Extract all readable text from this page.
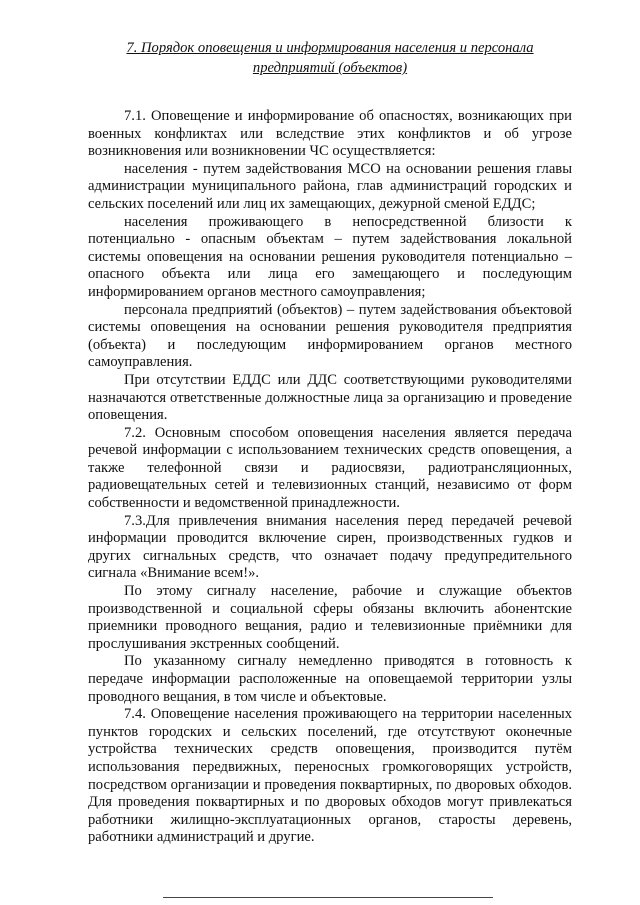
7. Порядок оповещения и информирования населения и персонала
предприятий (объектов)

7.1. Оповещение и информирование об опасностях, возникающих при военных конфликтах или вследствие этих конфликтов и об угрозе возникновения или возникновении ЧС осуществляется:

населения - путем задействования МСО на основании решения главы администрации муниципального района, глав администраций городских и сельских поселений или лиц их замещающих, дежурной сменой ЕДДС;

населения проживающего в непосредственной близости к потенциально - опасным объектам – путем задействования локальной системы оповещения на основании решения руководителя потенциально – опасного объекта или лица его замещающего и последующим информированием органов местного самоуправления;

персонала предприятий (объектов) – путем задействования объектовой системы оповещения на основании решения руководителя предприятия (объекта) и последующим информированием органов местного самоуправления.

При отсутствии ЕДДС или ДДС соответствующими руководителями назначаются ответственные должностные лица за организацию и проведение оповещения.

7.2. Основным способом оповещения населения является передача речевой информации с использованием технических средств оповещения, а также телефонной связи и радиосвязи, радиотрансляционных, радиовещательных сетей и телевизионных станций, независимо от форм собственности и ведомственной принадлежности.

7.3.Для привлечения внимания населения перед передачей речевой информации проводится включение сирен, производственных гудков и других сигнальных средств, что означает подачу предупредительного сигнала «Внимание всем!».

По этому сигналу население, рабочие и служащие объектов производственной и социальной сферы обязаны включить абонентские приемники проводного вещания, радио и телевизионные приёмники для прослушивания экстренных сообщений.

По указанному сигналу немедленно приводятся в готовность к передаче информации расположенные на оповещаемой территории узлы проводного вещания, в том числе и объектовые.

7.4. Оповещение населения проживающего на территории населенных пунктов городских и сельских поселений, где отсутствуют оконечные устройства технических средств оповещения, производится путём использования передвижных, переносных громкоговорящих устройств, посредством организации и проведения поквартирных, по дворовых обходов. Для проведения поквартирных и по дворовых обходов могут привлекаться работники жилищно-эксплуатационных органов, старосты деревень, работники администраций и другие.
